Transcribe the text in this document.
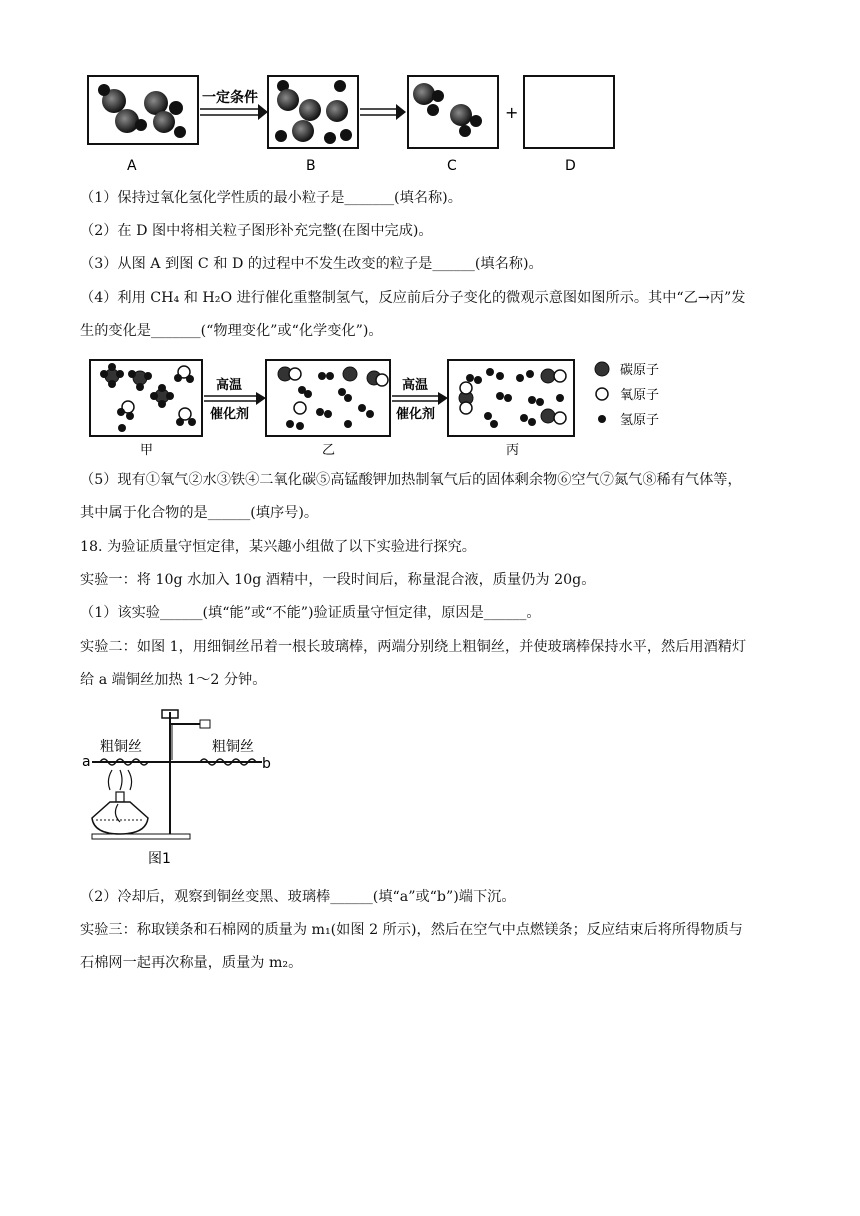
一定条件
+
A	B	C	D
（1）保持过氧化氢化学性质的最小粒子是_______(填名称)。
（2）在 D 图中将相关粒子图形补充完整(在图中完成)。
（3）从图 A 到图 C 和 D 的过程中不发生改变的粒子是______(填名称)。
（4）利用 CH₄ 和 H₂O 进行催化重整制氢气，反应前后分子变化的微观示意图如图所示。其中“乙→丙”发
生的变化是_______(“物理变化”或“化学变化”)。
高温
催化剂
高温
催化剂
甲	乙	丙
碳原子
氧原子
氢原子
（5）现有①氧气②水③铁④二氧化碳⑤高锰酸钾加热制氧气后的固体剩余物⑥空气⑦氮气⑧稀有气体等，
其中属于化合物的是______(填序号)。
18. 为验证质量守恒定律，某兴趣小组做了以下实验进行探究。
实验一：将 10g 水加入 10g 酒精中，一段时间后，称量混合液，质量仍为 20g。
（1）该实验______(填“能”或“不能”)验证质量守恒定律，原因是______。
实验二：如图 1，用细铜丝吊着一根长玻璃棒，两端分别绕上粗铜丝，并使玻璃棒保持水平，然后用酒精灯
给 a 端铜丝加热 1～2 分钟。
粗铜丝	粗铜丝
a	b
图1
（2）冷却后，观察到铜丝变黑、玻璃棒______(填“a”或“b”)端下沉。
实验三：称取镁条和石棉网的质量为 m₁(如图 2 所示)，然后在空气中点燃镁条；反应结束后将所得物质与
石棉网一起再次称量，质量为 m₂。
